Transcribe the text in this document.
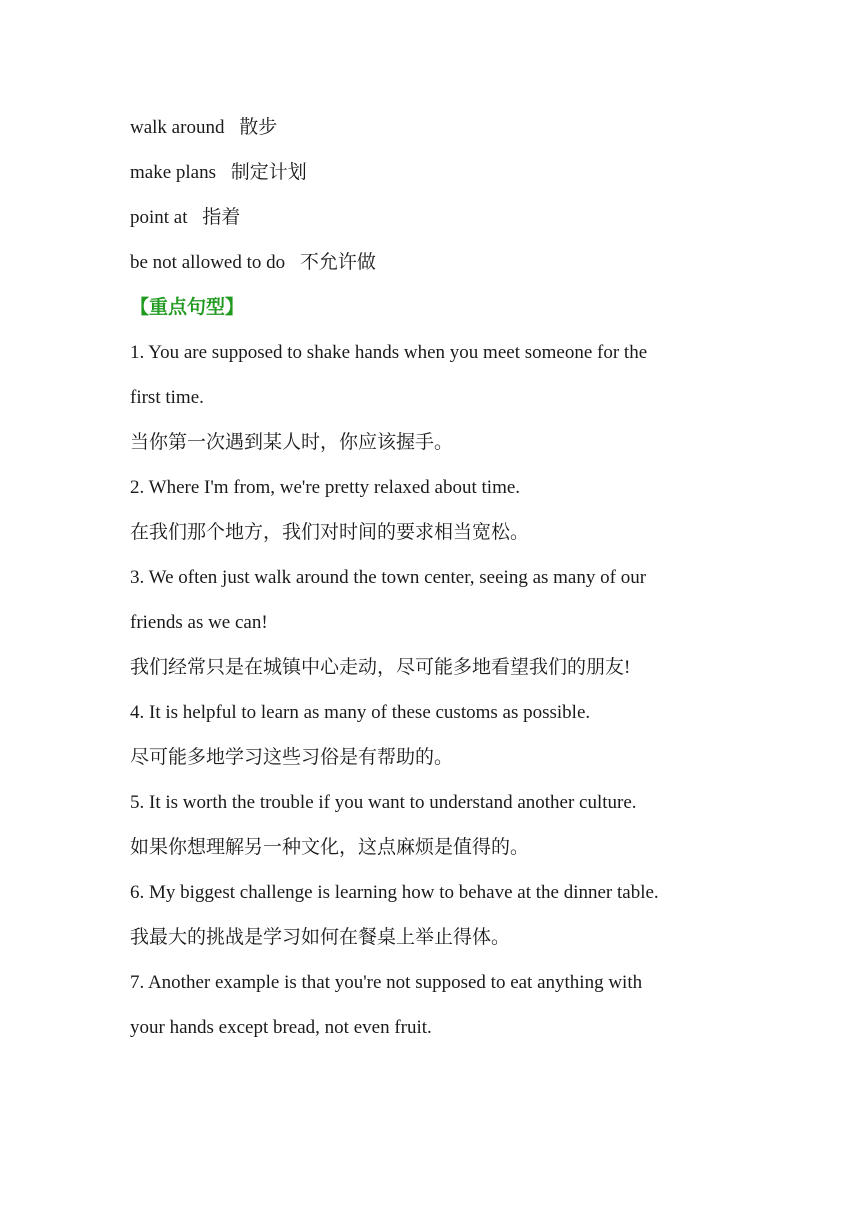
walk around 散步
make plans 制定计划
point at 指着
be not allowed to do 不允许做
【重点句型】
1. You are supposed to shake hands when you meet someone for the
first time.
当你第一次遇到某人时，你应该握手。
2. Where I'm from, we're pretty relaxed about time.
在我们那个地方，我们对时间的要求相当宽松。
3. We often just walk around the town center, seeing as many of our
friends as we can!
我们经常只是在城镇中心走动，尽可能多地看望我们的朋友!
4. It is helpful to learn as many of these customs as possible.
尽可能多地学习这些习俗是有帮助的。
5. It is worth the trouble if you want to understand another culture.
如果你想理解另一种文化，这点麻烦是值得的。
6. My biggest challenge is learning how to behave at the dinner table.
我最大的挑战是学习如何在餐桌上举止得体。
7. Another example is that you're not supposed to eat anything with
your hands except bread, not even fruit.
